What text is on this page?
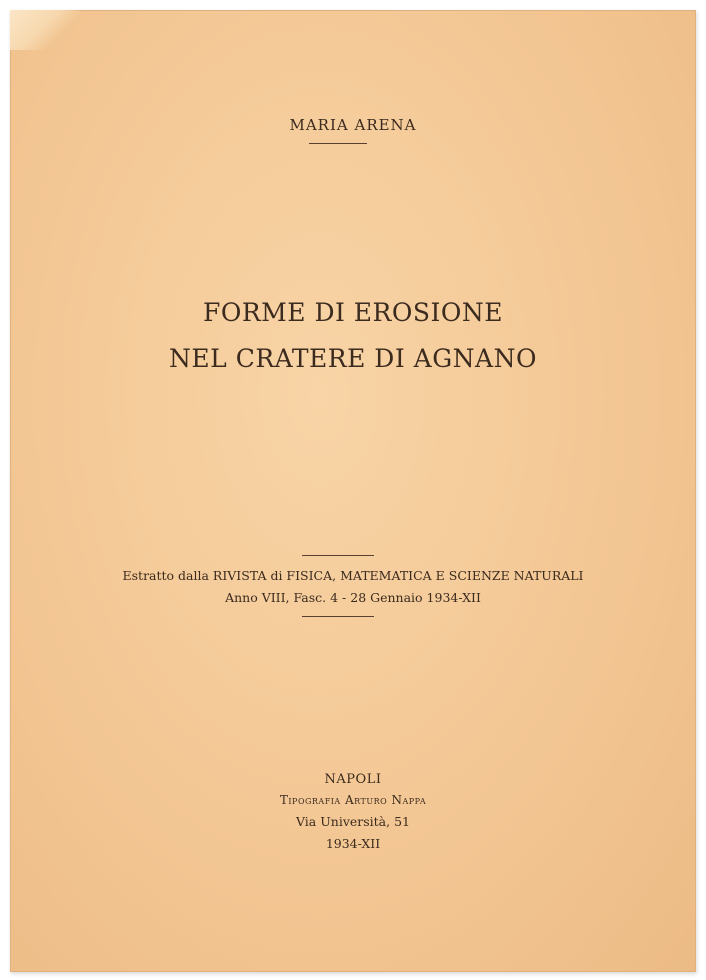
MARIA ARENA
FORME DI EROSIONE
NEL CRATERE DI AGNANO
Estratto dalla RIVISTA di FISICA, MATEMATICA E SCIENZE NATURALI
Anno VIII, Fasc. 4 - 28 Gennaio 1934-XII
NAPOLI
Tipografia Arturo Nappa
Via Università, 51
1934-XII
